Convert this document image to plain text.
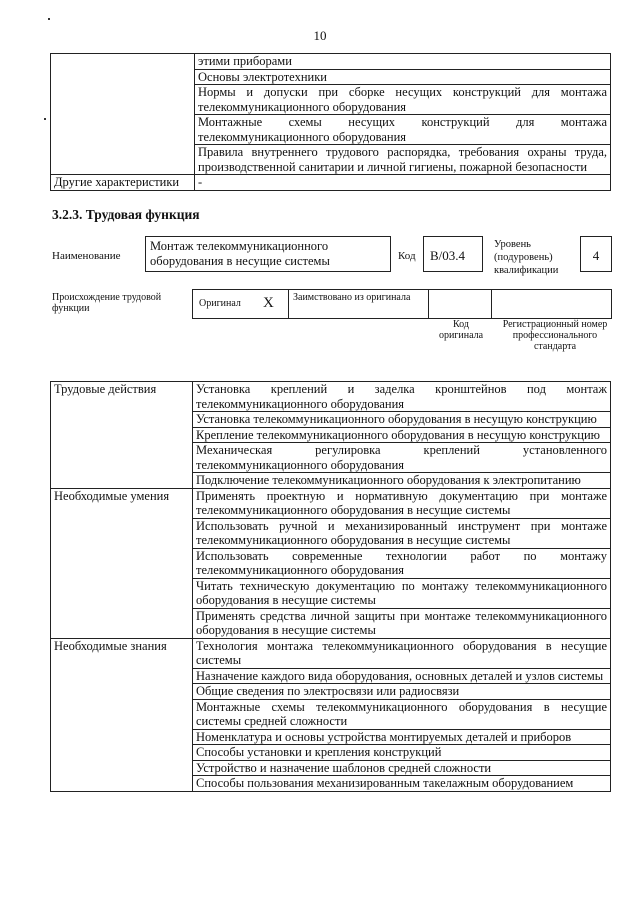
10
	этими приборами
	Основы электротехники
	Нормы и допуски при сборке несущих конструкций для монтажа телекоммуникационного оборудования
	Монтажные схемы несущих конструкций для монтажа телекоммуникационного оборудования
	Правила внутреннего трудового распорядка, требования охраны труда, производственной санитарии и личной гигиены, пожарной безопасности
Другие характеристики	-
3.2.3. Трудовая функция
Наименование
Монтаж телекоммуникационного оборудования в несущие системы	Код	В/03.4
Уровень (подуровень) квалификации
4
Происхождение трудовой функции	Оригинал X	Заимствовано из оригинала
Код оригинала
Регистрационный номер профессионального стандарта
Трудовые действия	Установка креплений и заделка кронштейнов под монтаж телекоммуникационного оборудования
	Установка телекоммуникационного оборудования в несущую конструкцию
	Крепление телекоммуникационного оборудования в несущую конструкцию
	Механическая регулировка креплений установленного телекоммуникационного оборудования
	Подключение телекоммуникационного оборудования к электропитанию
Необходимые умения	Применять проектную и нормативную документацию при монтаже телекоммуникационного оборудования в несущие системы
	Использовать ручной и механизированный инструмент при монтаже телекоммуникационного оборудования в несущие системы
	Использовать современные технологии работ по монтажу телекоммуникационного оборудования
	Читать техническую документацию по монтажу телекоммуникационного оборудования в несущие системы
	Применять средства личной защиты при монтаже телекоммуникационного оборудования в несущие системы
Необходимые знания	Технология монтажа телекоммуникационного оборудования в несущие системы
	Назначение каждого вида оборудования, основных деталей и узлов системы
	Общие сведения по электросвязи или радиосвязи
	Монтажные схемы телекоммуникационного оборудования в несущие системы средней сложности
	Номенклатура и основы устройства монтируемых деталей и приборов
	Способы установки и крепления конструкций
	Устройство и назначение шаблонов средней сложности
	Способы пользования механизированным такелажным оборудованием
